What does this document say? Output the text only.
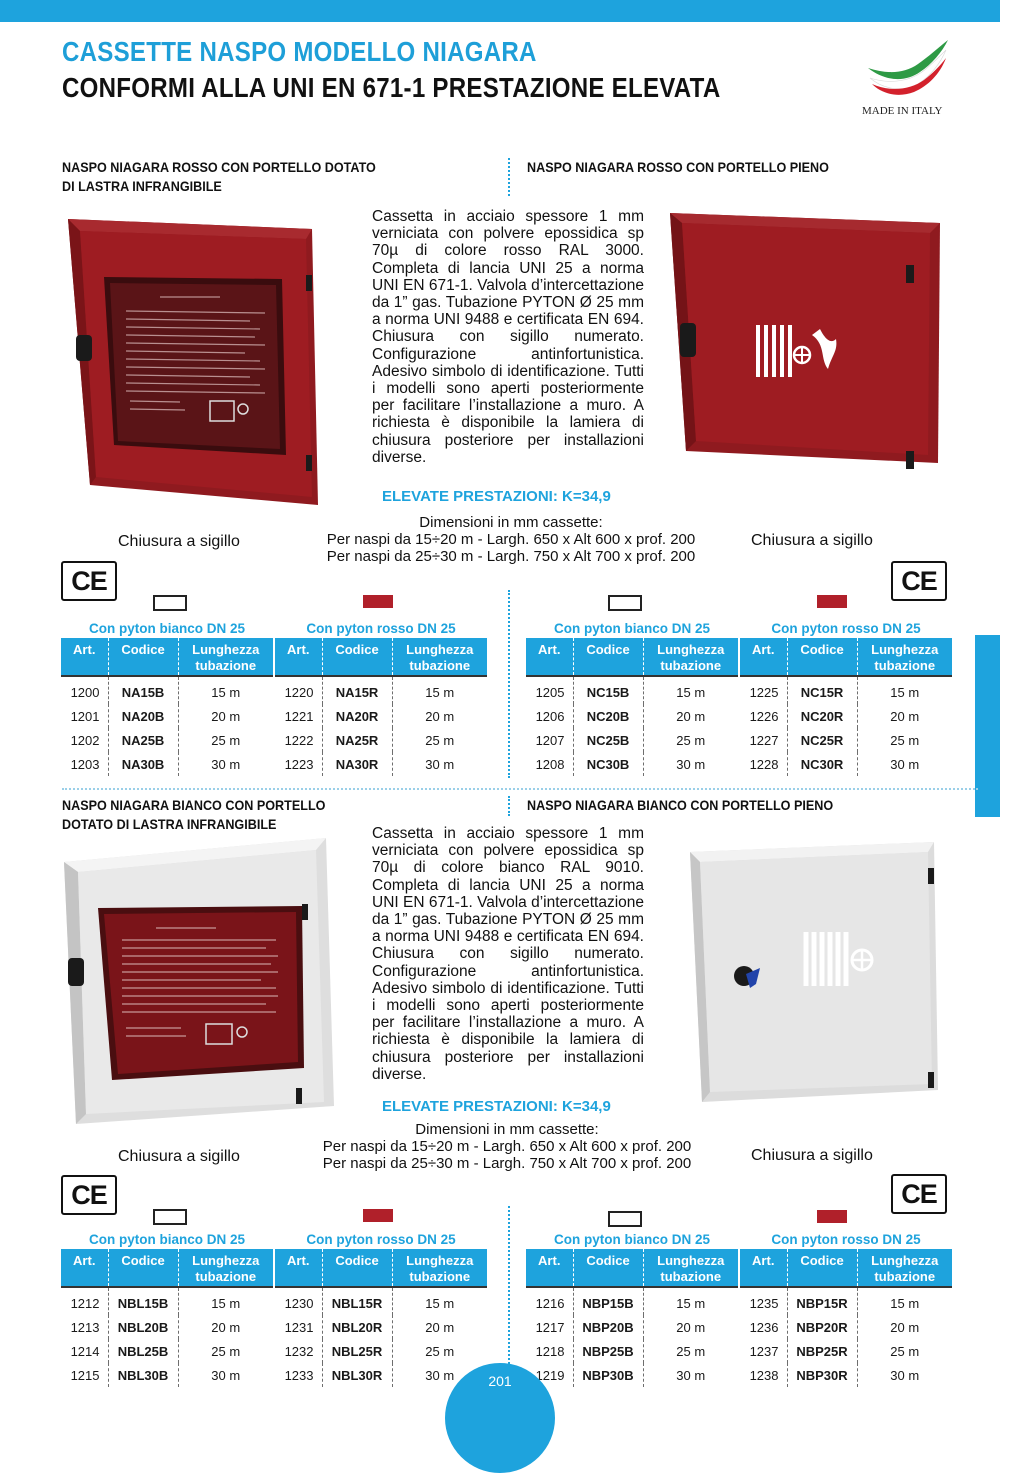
CASSETTE NASPO MODELLO NIAGARA
CONFORMI ALLA UNI EN 671-1 PRESTAZIONE ELEVATA
MADE IN ITALY
NASPO NIAGARA ROSSO CON PORTELLO DOTATO
DI LASTRA INFRANGIBILE
NASPO NIAGARA ROSSO CON PORTELLO PIENO
Cassetta in acciaio spessore 1 mm verniciata con polvere epossidica sp 70µ di colore rosso RAL 3000. Completa di lancia UNI 25 a norma UNI EN 671-1. Valvola d’intercettazione da 1” gas. Tubazione PYTON Ø 25 mm a norma UNI 9488 e certificata EN 694. Chiusura con sigillo numerato. Configurazione antinfortunistica. Adesivo simbolo di identificazione. Tutti i modelli sono aperti posteriormente per facilitare l’installazione a muro. A richiesta è disponibile la lamiera di chiusura posteriore per installazioni diverse.
ELEVATE PRESTAZIONI: K=34,9
Dimensioni in mm cassette:
Per naspi da 15÷20 m - Largh. 650 x Alt 600 x prof. 200
Per naspi da 25÷30 m - Largh. 750 x Alt 700 x prof. 200
Chiusura a sigillo	Chiusura a sigillo
CE	CE
Con pyton bianco DN 25
Art.	Codice	Lunghezza
tubazione
1200	NA15B	15 m
1201	NA20B	20 m
1202	NA25B	25 m
1203	NA30B	30 m
Con pyton rosso DN 25
Art.	Codice	Lunghezza
tubazione
1220	NA15R	15 m
1221	NA20R	20 m
1222	NA25R	25 m
1223	NA30R	30 m
Con pyton bianco DN 25
Art.	Codice	Lunghezza
tubazione
1205	NC15B	15 m
1206	NC20B	20 m
1207	NC25B	25 m
1208	NC30B	30 m
Con pyton rosso DN 25
Art.	Codice	Lunghezza
tubazione
1225	NC15R	15 m
1226	NC20R	20 m
1227	NC25R	25 m
1228	NC30R	30 m
NASPO NIAGARA BIANCO CON PORTELLO
DOTATO DI LASTRA INFRANGIBILE
NASPO NIAGARA BIANCO CON PORTELLO PIENO
Cassetta in acciaio spessore 1 mm verniciata con polvere epossidica sp 70µ di colore bianco RAL 9010. Completa di lancia UNI 25 a norma UNI EN 671-1. Valvola d’intercettazione da 1” gas. Tubazione PYTON Ø 25 mm a norma UNI 9488 e certificata EN 694. Chiusura con sigillo numerato. Configurazione antinfortunistica. Adesivo simbolo di identificazione. Tutti i modelli sono aperti posteriormente per facilitare l’installazione a muro. A richiesta è disponibile la lamiera di chiusura posteriore per installazioni diverse.
ELEVATE PRESTAZIONI: K=34,9
Dimensioni in mm cassette:
Per naspi da 15÷20 m - Largh. 650 x Alt 600 x prof. 200
Per naspi da 25÷30 m - Largh. 750 x Alt 700 x prof. 200
Chiusura a sigillo	Chiusura a sigillo
CE	CE
Con pyton bianco DN 25
Art.	Codice	Lunghezza
tubazione
1212	NBL15B	15 m
1213	NBL20B	20 m
1214	NBL25B	25 m
1215	NBL30B	30 m
Con pyton rosso DN 25
Art.	Codice	Lunghezza
tubazione
1230	NBL15R	15 m
1231	NBL20R	20 m
1232	NBL25R	25 m
1233	NBL30R	30 m
Con pyton bianco DN 25
Art.	Codice	Lunghezza
tubazione
1216	NBP15B	15 m
1217	NBP20B	20 m
1218	NBP25B	25 m
1219	NBP30B	30 m
Con pyton rosso DN 25
Art.	Codice	Lunghezza
tubazione
1235	NBP15R	15 m
1236	NBP20R	20 m
1237	NBP25R	25 m
1238	NBP30R	30 m
201
